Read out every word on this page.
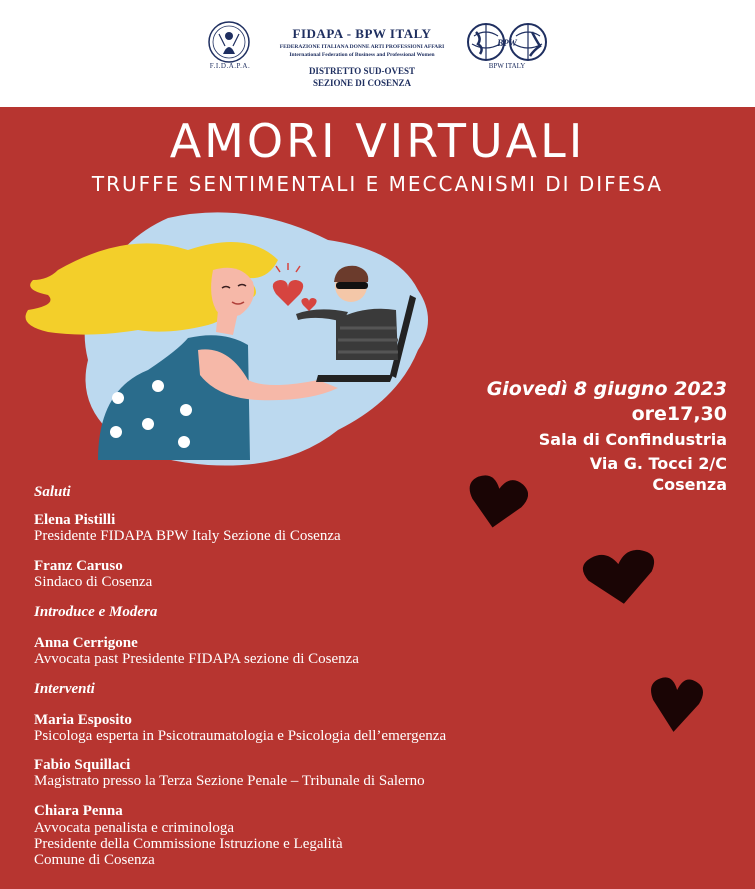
F.I.D.A.P.A.
FIDAPA - BPW ITALY
FEDERAZIONE ITALIANA DONNE ARTI PROFESSIONI AFFARI
International Federation of Business and Professional Women
DISTRETTO SUD-OVEST
SEZIONE DI COSENZA
BPW
BPW ITALY
AMORI VIRTUALI
TRUFFE SENTIMENTALI E MECCANISMI DI DIFESA
Giovedì 8 giugno 2023
ore17,30
Sala di Confindustria
Via G. Tocci 2/C
Cosenza
Saluti
Elena Pistilli
Presidente FIDAPA BPW Italy Sezione di Cosenza
Franz Caruso
Sindaco di Cosenza
Introduce e Modera
Anna Cerrigone
Avvocata past Presidente FIDAPA sezione di Cosenza
Interventi
Maria Esposito
Psicologa esperta in Psicotraumatologia e Psicologia dell’emergenza
Fabio Squillaci
Magistrato presso la Terza Sezione Penale – Tribunale di Salerno
Chiara Penna
Avvocata penalista e criminologa
Presidente della Commissione Istruzione e Legalità
Comune di Cosenza
